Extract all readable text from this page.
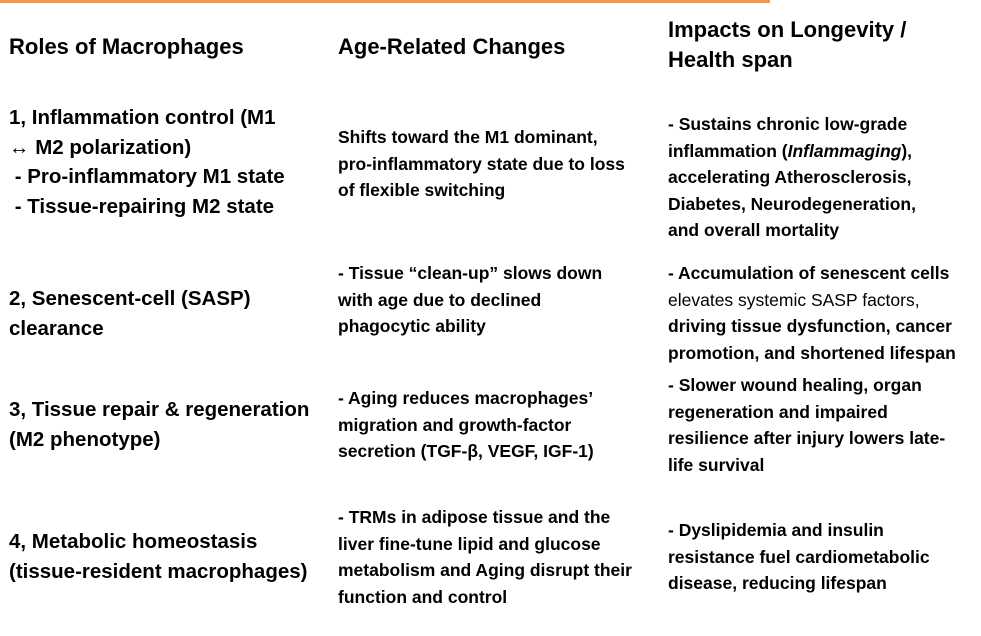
Roles of Macrophages	Age-Related Changes
Impacts on Longevity /
Health span
1, Inflammation control (M1
↔ M2 polarization)
- Pro-inflammatory M1 state
- Tissue-repairing M2 state
Shifts toward the M1 dominant,
pro-inflammatory state due to loss
of flexible switching
- Sustains chronic low-grade
inflammation (Inflammaging),
accelerating Atherosclerosis,
Diabetes, Neurodegeneration,
and overall mortality
2, Senescent-cell (SASP)
clearance
- Tissue “clean-up” slows down
with age due to declined
phagocytic ability
- Accumulation of senescent cells
elevates systemic SASP factors,
driving tissue dysfunction, cancer
promotion, and shortened lifespan
3, Tissue repair & regeneration
(M2 phenotype)
- Aging reduces macrophages’
migration and growth-factor
secretion (TGF-β, VEGF, IGF-1)
- Slower wound healing, organ
regeneration and impaired
resilience after injury lowers late-
life survival
4, Metabolic homeostasis
(tissue-resident macrophages)
- TRMs in adipose tissue and the
liver fine-tune lipid and glucose
metabolism and Aging disrupt their
function and control
- Dyslipidemia and insulin
resistance fuel cardiometabolic
disease, reducing lifespan
